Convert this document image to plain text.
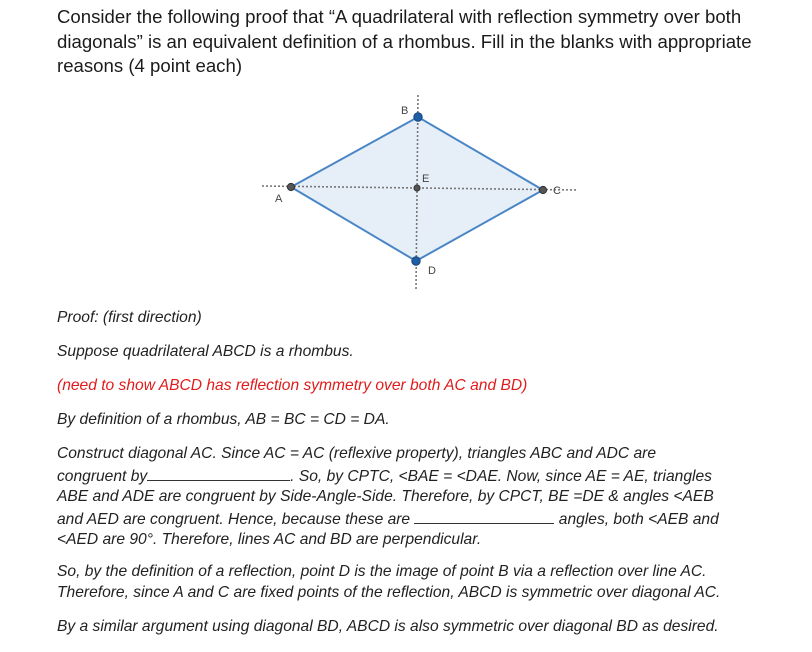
Consider the following proof that “A quadrilateral with reflection symmetry over both diagonals” is an equivalent definition of a rhombus. Fill in the blanks with appropriate reasons (4 point each)

A
B
C
D
E

Proof: (first direction)

Suppose quadrilateral ABCD is a rhombus.

(need to show ABCD has reflection symmetry over both AC and BD)

By definition of a rhombus, AB = BC = CD = DA.

Construct diagonal AC. Since AC = AC (reflexive property), triangles ABC and ADC are
congruent by	. So, by CPTC, <BAE = <DAE. Now, since AE = AE, triangles
ABE and ADE are congruent by Side-Angle-Side. Therefore, by CPCT, BE =DE & angles <AEB
and AED are congruent. Hence, because these are	angles, both <AEB and
<AED are 90°. Therefore, lines AC and BD are perpendicular.
So, by the definition of a reflection, point D is the image of point B via a reflection over line AC.
Therefore, since A and C are fixed points of the reflection, ABCD is symmetric over diagonal AC.

By a similar argument using diagonal BD, ABCD is also symmetric over diagonal BD as desired.
